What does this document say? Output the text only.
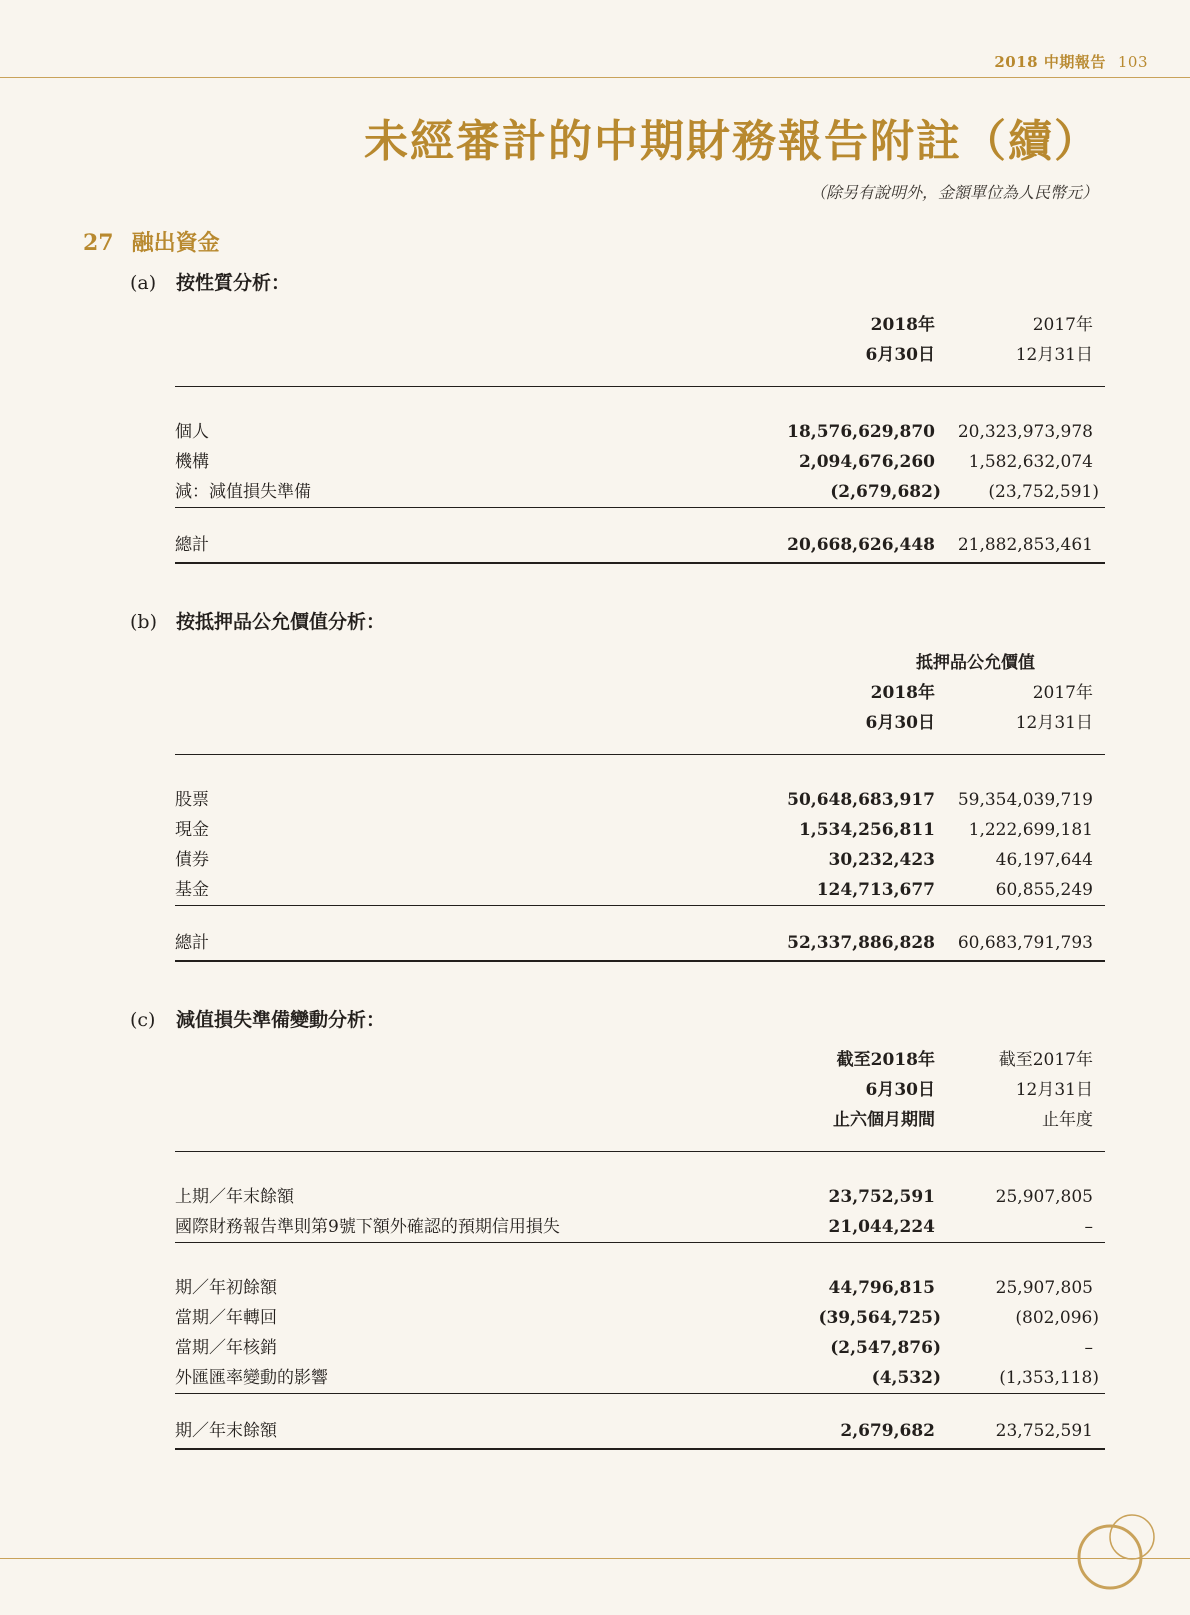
2018 中期報告 103
未經審計的中期財務報告附註（續）
（除另有說明外，金額單位為人民幣元）
27 融出資金
(a) 按性質分析：
2018年	2017年
6月30日	12月31日
個人	18,576,629,870 20,323,973,978
機構	2,094,676,260 1,582,632,074
減：減值損失準備	(2,679,682)	(23,752,591)
總計	20,668,626,448 21,882,853,461
(b) 按抵押品公允價值分析：
抵押品公允價值
2018年	2017年
6月30日	12月31日
股票	50,648,683,917 59,354,039,719
現金	1,534,256,811 1,222,699,181
債券	30,232,423	46,197,644
基金	124,713,677	60,855,249
總計	52,337,886,828 60,683,791,793
(c) 減值損失準備變動分析：
截至2018年	截至2017年
6月30日	12月31日
止六個月期間	止年度
上期／年末餘額	23,752,591	25,907,805
國際財務報告準則第9號下額外確認的預期信用損失	21,044,224	–
期／年初餘額	44,796,815	25,907,805
當期／年轉回	(39,564,725)	(802,096)
當期／年核銷	(2,547,876)	–
外匯匯率變動的影響	(4,532)	(1,353,118)
期／年末餘額	2,679,682	23,752,591
